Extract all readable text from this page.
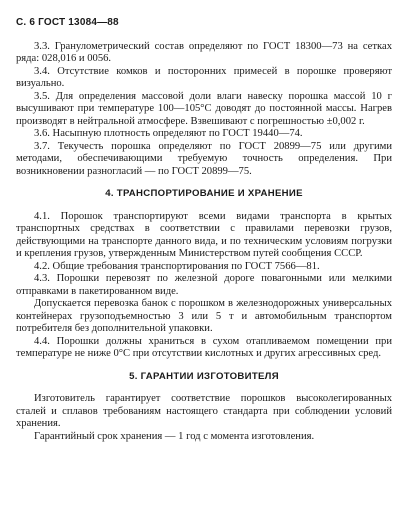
С. 6 ГОСТ 13084—88

3.3. Гранулометрический состав определяют по ГОСТ 18300—73 на сетках ряда: 028,016 и 0056.

3.4. Отсутствие комков и посторонних примесей в порошке проверяют визуально.

3.5. Для определения массовой доли влаги навеску порошка массой 10 г высушивают при температуре 100—105°С доводят до постоянной массы. Нагрев производят в нейтральной атмосфере. Взвешивают с погрешностью ±0,002 г.

3.6. Насыпную плотность определяют по ГОСТ 19440—74.

3.7. Текучесть порошка определяют по ГОСТ 20899—75 или другими методами, обеспечивающими требуемую точность определения. При возникновении разногласий — по ГОСТ 20899—75.

4. ТРАНСПОРТИРОВАНИЕ И ХРАНЕНИЕ

4.1. Порошок транспортируют всеми видами транспорта в крытых транспортных средствах в соответствии с правилами перевозки грузов, действующими на транспорте данного вида, и по техническим условиям погрузки и крепления грузов, утвержденным Министерством путей сообщения СССР.

4.2. Общие требования транспортирования по ГОСТ 7566—81.

4.3. Порошки перевозят по железной дороге повагонными или мелкими отправками в пакетированном виде.

Допускается перевозка банок с порошком в железнодорожных универсальных контейнерах грузоподъемностью 3 или 5 т и автомобильным транспортом потребителя без дополнительной упаковки.

4.4. Порошки должны храниться в сухом отапливаемом помещении при температуре не ниже 0°С при отсутствии кислотных и других агрессивных сред.

5. ГАРАНТИИ ИЗГОТОВИТЕЛЯ

Изготовитель гарантирует соответствие порошков высоколегированных сталей и сплавов требованиям настоящего стандарта при соблюдении условий хранения.

Гарантийный срок хранения — 1 год с момента изготовления.
